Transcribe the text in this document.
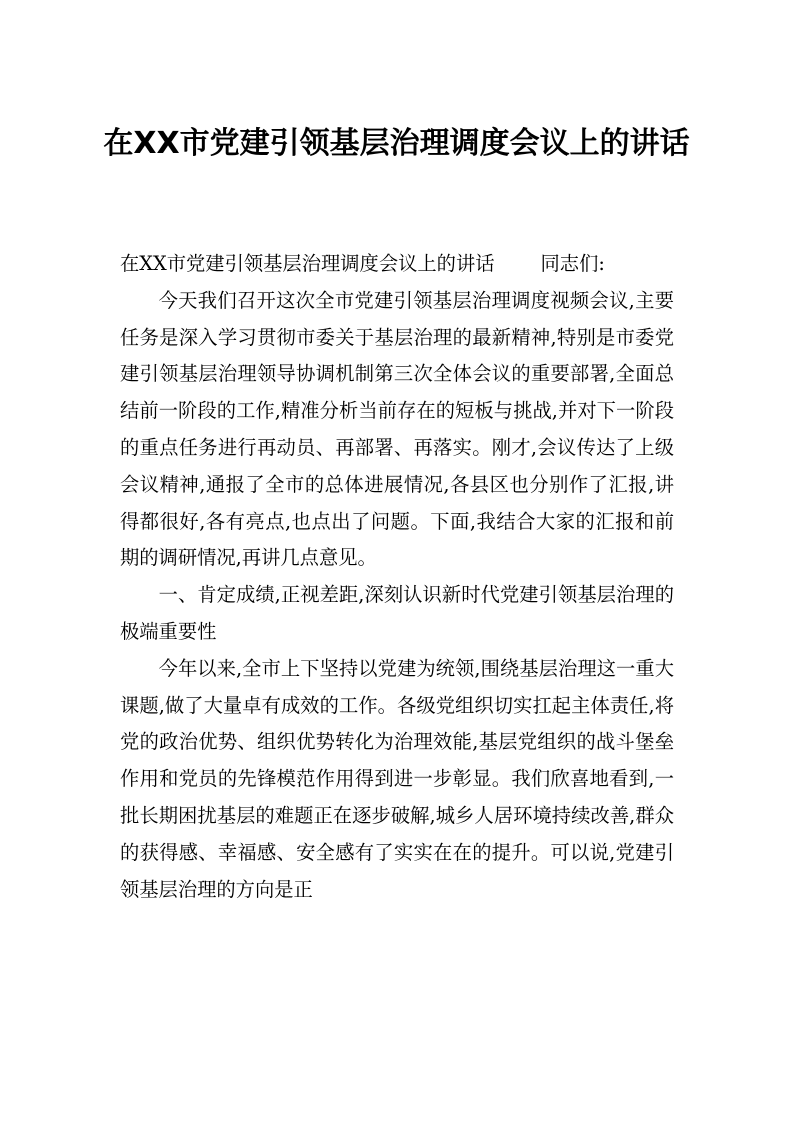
在XX市党建引领基层治理调度会议上的讲话

在XX市党建引领基层治理调度会议上的讲话 同志们:

今天我们召开这次全市党建引领基层治理调度视频会议,主要任务是深入学习贯彻市委关于基层治理的最新精神,特别是市委党建引领基层治理领导协调机制第三次全体会议的重要部署,全面总结前一阶段的工作,精准分析当前存在的短板与挑战,并对下一阶段的重点任务进行再动员、再部署、再落实。刚才,会议传达了上级会议精神,通报了全市的总体进展情况,各县区也分别作了汇报,讲得都很好,各有亮点,也点出了问题。下面,我结合大家的汇报和前期的调研情况,再讲几点意见。

一、肯定成绩,正视差距,深刻认识新时代党建引领基层治理的极端重要性

今年以来,全市上下坚持以党建为统领,围绕基层治理这一重大课题,做了大量卓有成效的工作。各级党组织切实扛起主体责任,将党的政治优势、组织优势转化为治理效能,基层党组织的战斗堡垒作用和党员的先锋模范作用得到进一步彰显。我们欣喜地看到,一批长期困扰基层的难题正在逐步破解,城乡人居环境持续改善,群众的获得感、幸福感、安全感有了实实在在的提升。可以说,党建引领基层治理的方向是正
